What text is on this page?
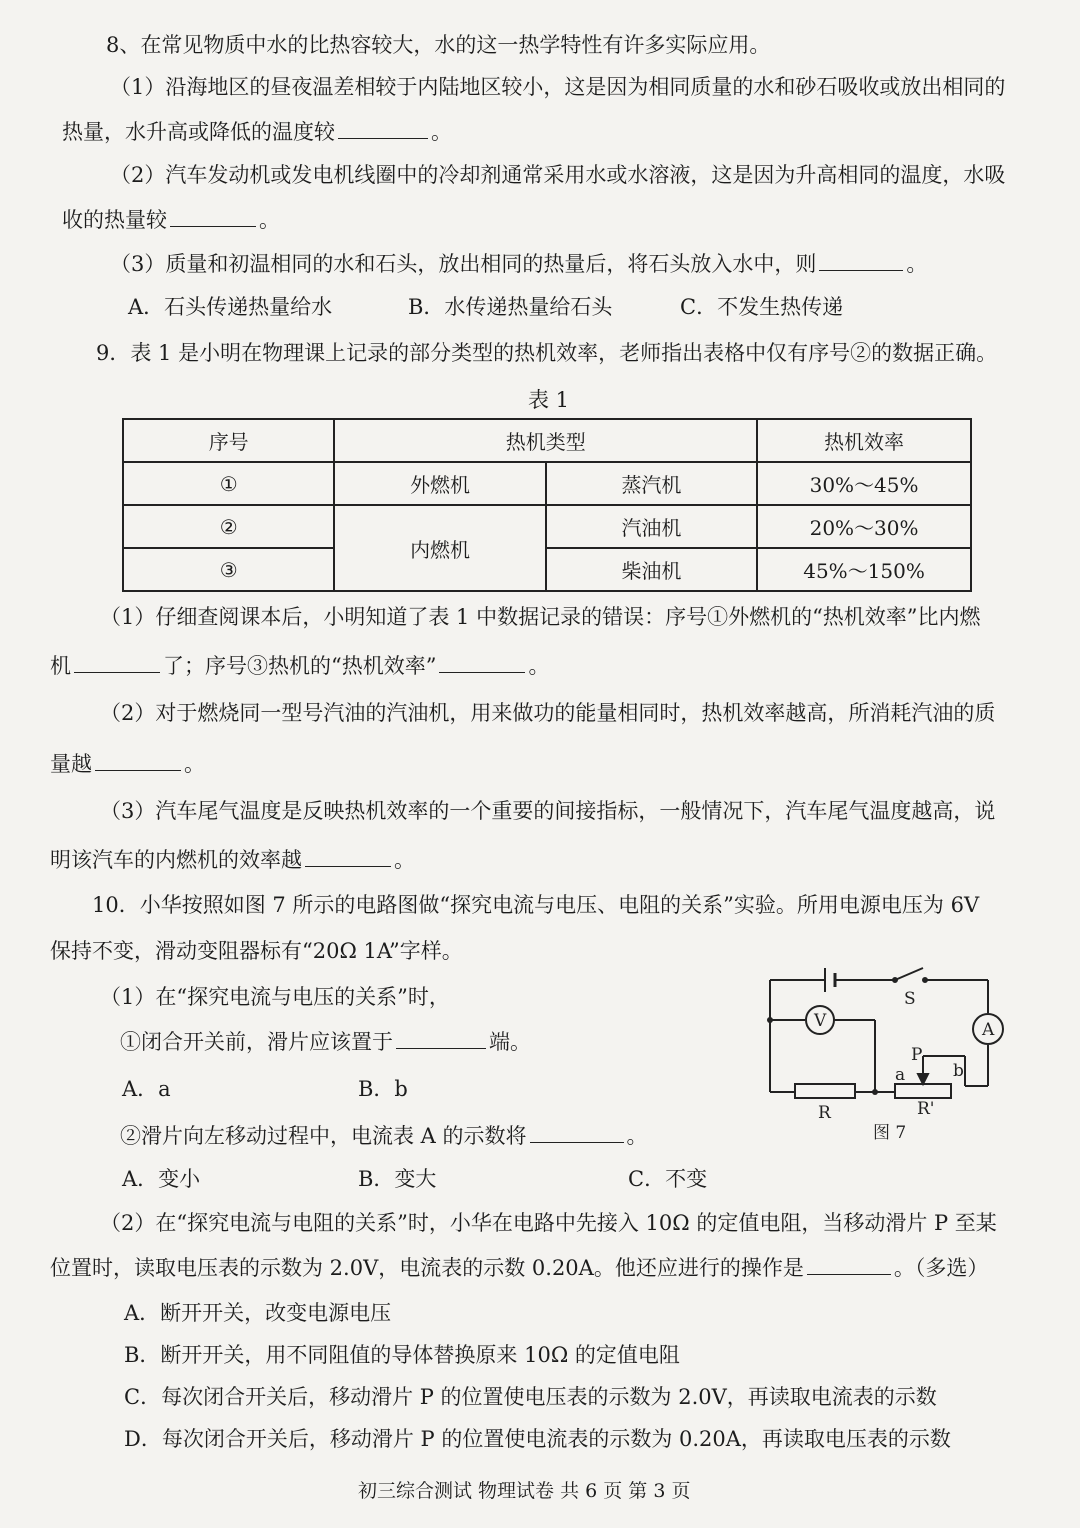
8、在常见物质中水的比热容较大，水的这一热学特性有许多实际应用。
（1）沿海地区的昼夜温差相较于内陆地区较小，这是因为相同质量的水和砂石吸收或放出相同的
热量，水升高或降低的温度较	。
（2）汽车发动机或发电机线圈中的冷却剂通常采用水或水溶液，这是因为升高相同的温度，水吸
收的热量较	。
（3）质量和初温相同的水和石头，放出相同的热量后，将石头放入水中，则	。
A．石头传递热量给水	B．水传递热量给石头	C．不发生热传递
9．表 1 是小明在物理课上记录的部分类型的热机效率，老师指出表格中仅有序号②的数据正确。
表 1
序号	热机类型		热机效率
①	外燃机	蒸汽机	30%～45%
②	内燃机	汽油机	20%～30%
③		柴油机	45%～150%
（1）仔细查阅课本后，小明知道了表 1 中数据记录的错误：序号①外燃机的“热机效率”比内燃
机	了；序号③热机的“热机效率”	。
（2）对于燃烧同一型号汽油的汽油机，用来做功的能量相同时，热机效率越高，所消耗汽油的质
量越	。
（3）汽车尾气温度是反映热机效率的一个重要的间接指标，一般情况下，汽车尾气温度越高，说
明该汽车的内燃机的效率越	。
10．小华按照如图 7 所示的电路图做“探究电流与电压、电阻的关系”实验。所用电源电压为 6V
保持不变，滑动变阻器标有“20Ω 1A”字样。
（1）在“探究电流与电压的关系”时，
①闭合开关前，滑片应该置于	端。
A．a	B．b
②滑片向左移动过程中，电流表 A 的示数将	。
A．变小	B．变大	C．不变
（2）在“探究电流与电阻的关系”时，小华在电路中先接入 10Ω 的定值电阻，当移动滑片 P 至某
位置时，读取电压表的示数为 2.0V，电流表的示数 0.20A。他还应进行的操作是	。（多选）
A．断开开关，改变电源电压
B．断开开关，用不同阻值的导体替换原来 10Ω 的定值电阻
C．每次闭合开关后，移动滑片 P 的位置使电压表的示数为 2.0V，再读取电流表的示数
D．每次闭合开关后，移动滑片 P 的位置使电流表的示数为 0.20A，再读取电压表的示数
S
V	A
P
a	b
R	R'
图 7
初三综合测试 物理试卷 共 6 页 第 3 页
